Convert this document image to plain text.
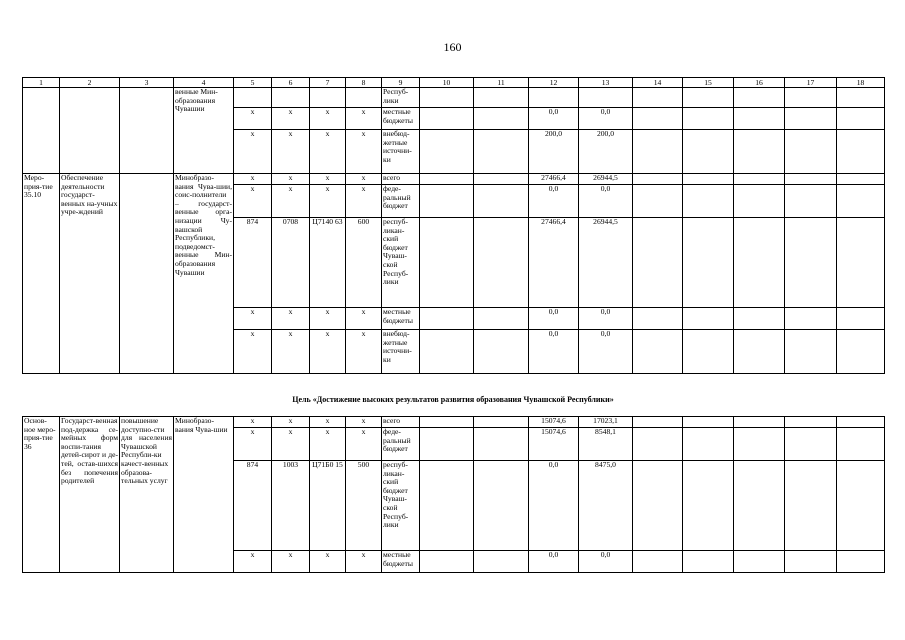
160
1	2	3	4	5	6	7	8	9	10	11	12	13	14	15	16	17	18
			венные Мин-образования Чувашии					Респуб-лики									
				x	x	x	x	местные бюджеты			0,0	0,0					
				x	x	x	x	внебюд-жетные источни-ки			200,0	200,0					
Меро-прия-тие 35.10	Обеспечение деятельности государст-венных на-учных учре-ждений		Минобразо-вания Чува-шии, соис-полнители – государст-венные орга-низации Чу-вашской Республики, подведомст-венные Мин-образования Чувашии	x	x	x	x	всего			27466,4	26944,5					
				x	x	x	x	феде-ральный бюджет			0,0	0,0					
				874	0708	Ц7140 63	600	респуб-ликан-ский бюджет Чуваш-ской Респуб-лики			27466,4	26944,5					
				x	x	x	x	местные бюджеты			0,0	0,0					
				x	x	x	x	внебюд-жетные источни-ки			0,0	0,0					
Цель «Достижение высоких результатов развития образования Чувашской Республики»
Основ-ное меро-прия-тие 36	Государст-венная под-держка се-мейных форм воспи-тания детей-сирот и де-тей, остав-шихся без попечения родителей	повышение доступно-сти для населения Чувашской Республи-ки качест-венных образова-тельных услуг	Минобразо-вания Чува-шии	x	x	x	x	всего			15074,6	17023,1					
				x	x	x	x	феде-ральный бюджет			15074,6	8548,1					
				874	1003	Ц71Б0 15	500	респуб-ликан-ский бюджет Чуваш-ской Респуб-лики			0,0	8475,0					
				x	x	x	x	местные бюджеты			0,0	0,0					
